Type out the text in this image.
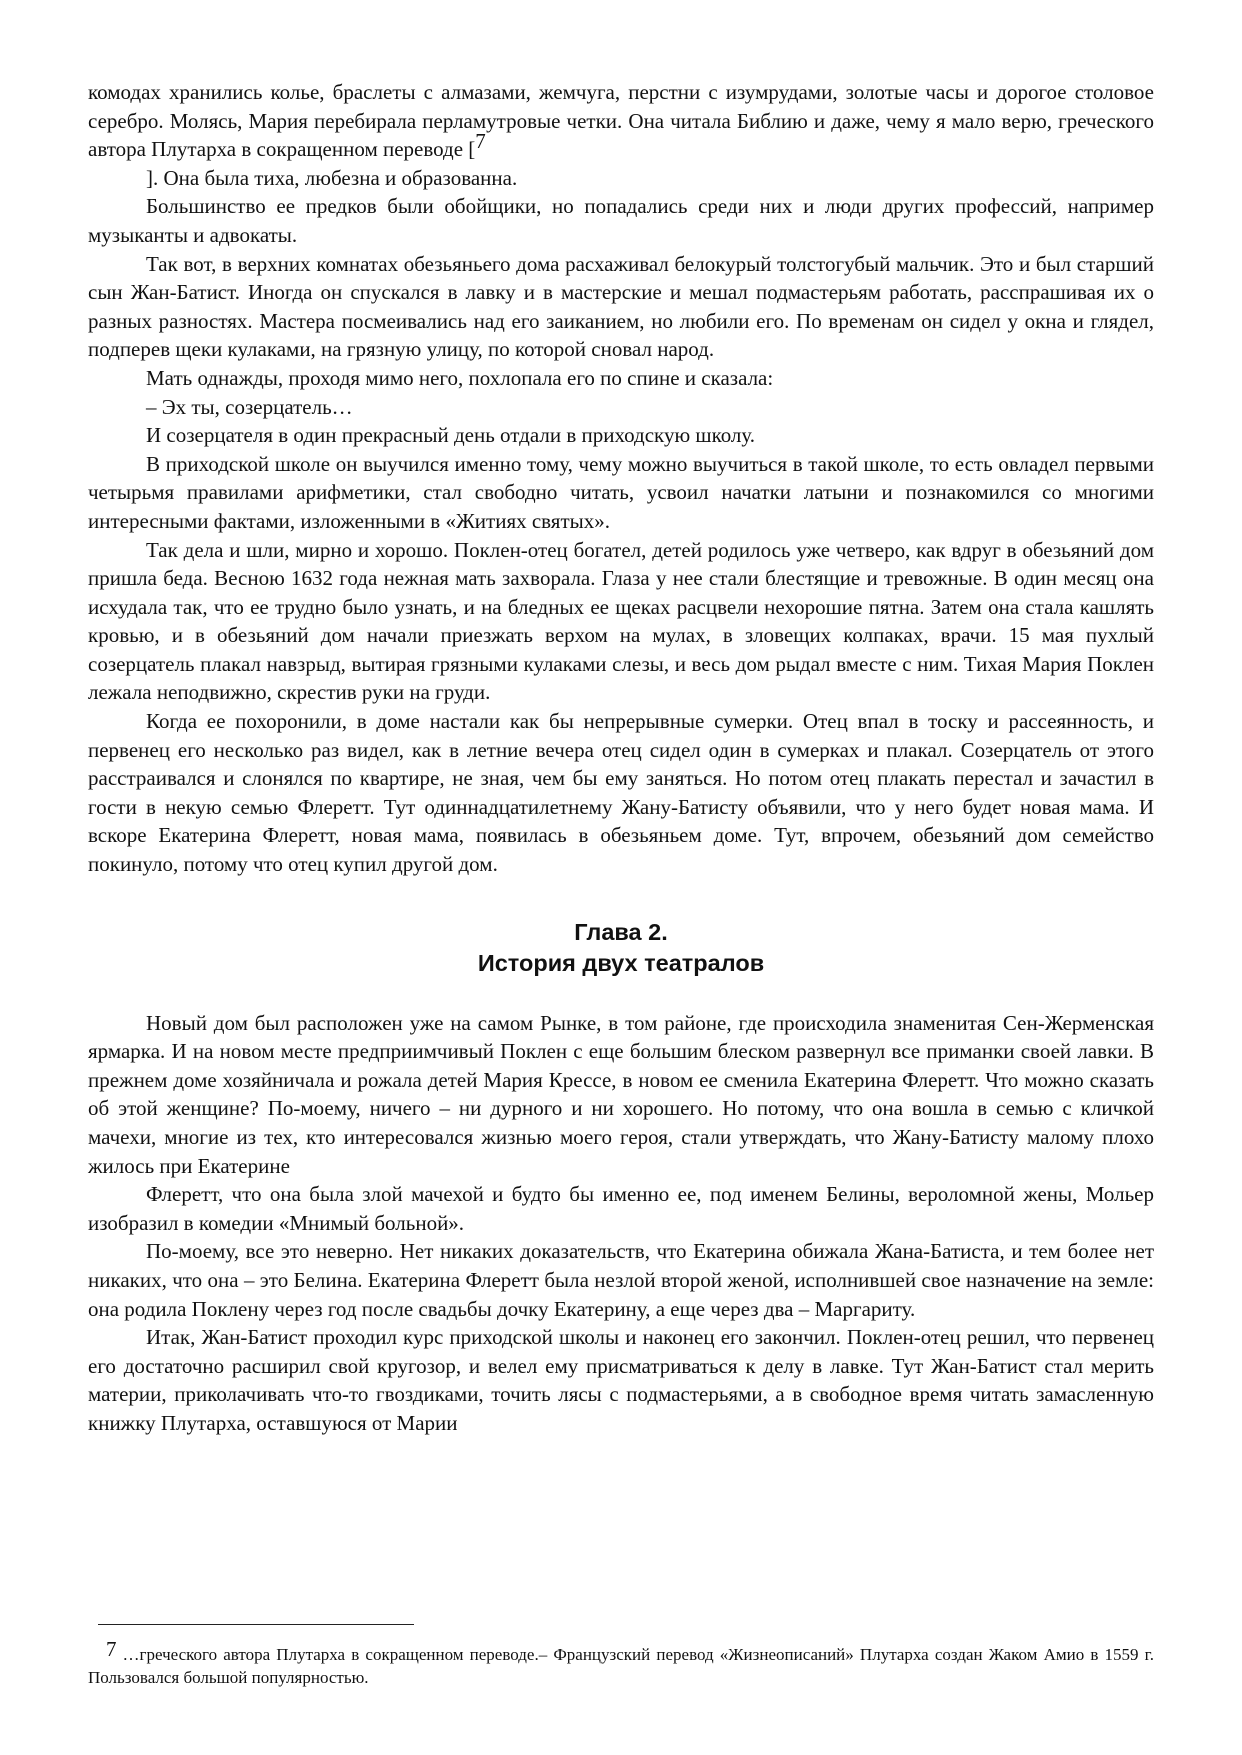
комодах хранились колье, браслеты с алмазами, жемчуга, перстни с изумрудами, золотые часы и дорогое столовое серебро. Молясь, Мария перебирала перламутровые четки. Она читала Библию и даже, чему я мало верю, греческого автора Плутарха в сокращенном переводе [$^7$

]. Она была тиха, любезна и образованна.

Большинство ее предков были обойщики, но попадались среди них и люди других профессий, например музыканты и адвокаты.

Так вот, в верхних комнатах обезьяньего дома расхаживал белокурый толстогубый мальчик. Это и был старший сын Жан-Батист. Иногда он спускался в лавку и в мастерские и мешал подмастерьям работать, расспрашивая их о разных разностях. Мастера посмеивались над его заиканием, но любили его. По временам он сидел у окна и глядел, подперев щеки кулаками, на грязную улицу, по которой сновал народ.

Мать однажды, проходя мимо него, похлопала его по спине и сказала:

– Эх ты, созерцатель…

И созерцателя в один прекрасный день отдали в приходскую школу.

В приходской школе он выучился именно тому, чему можно выучиться в такой школе, то есть овладел первыми четырьмя правилами арифметики, стал свободно читать, усвоил начатки латыни и познакомился со многими интересными фактами, изложенными в «Житиях святых».

Так дела и шли, мирно и хорошо. Поклен-отец богател, детей родилось уже четверо, как вдруг в обезьяний дом пришла беда. Весною 1632 года нежная мать захворала. Глаза у нее стали блестящие и тревожные. В один месяц она исхудала так, что ее трудно было узнать, и на бледных ее щеках расцвели нехорошие пятна. Затем она стала кашлять кровью, и в обезьяний дом начали приезжать верхом на мулах, в зловещих колпаках, врачи. 15 мая пухлый созерцатель плакал навзрыд, вытирая грязными кулаками слезы, и весь дом рыдал вместе с ним. Тихая Мария Поклен лежала неподвижно, скрестив руки на груди.

Когда ее похоронили, в доме настали как бы непрерывные сумерки. Отец впал в тоску и рассеянность, и первенец его несколько раз видел, как в летние вечера отец сидел один в сумерках и плакал. Созерцатель от этого расстраивался и слонялся по квартире, не зная, чем бы ему заняться. Но потом отец плакать перестал и зачастил в гости в некую семью Флеретт. Тут одиннадцатилетнему Жану-Батисту объявили, что у него будет новая мама. И вскоре Екатерина Флеретт, новая мама, появилась в обезьяньем доме. Тут, впрочем, обезьяний дом семейство покинуло, потому что отец купил другой дом.

Глава 2.
История двух театралов

Новый дом был расположен уже на самом Рынке, в том районе, где происходила знаменитая Сен-Жерменская ярмарка. И на новом месте предприимчивый Поклен с еще большим блеском развернул все приманки своей лавки. В прежнем доме хозяйничала и рожала детей Мария Крессе, в новом ее сменила Екатерина Флеретт. Что можно сказать об этой женщине? По-моему, ничего – ни дурного и ни хорошего. Но потому, что она вошла в семью с кличкой мачехи, многие из тех, кто интересовался жизнью моего героя, стали утверждать, что Жану-Батисту малому плохо жилось при Екатерине

Флеретт, что она была злой мачехой и будто бы именно ее, под именем Белины, вероломной жены, Мольер изобразил в комедии «Мнимый больной».

По-моему, все это неверно. Нет никаких доказательств, что Екатерина обижала Жана-Батиста, и тем более нет никаких, что она – это Белина. Екатерина Флеретт была незлой второй женой, исполнившей свое назначение на земле: она родила Поклену через год после свадьбы дочку Екатерину, а еще через два – Маргариту.

Итак, Жан-Батист проходил курс приходской школы и наконец его закончил. Поклен-отец решил, что первенец его достаточно расширил свой кругозор, и велел ему присматриваться к делу в лавке. Тут Жан-Батист стал мерить материи, приколачивать что-то гвоздиками, точить лясы с подмастерьями, а в свободное время читать замасленную книжку Плутарха, оставшуюся от Марии

7 …греческого автора Плутарха в сокращенном переводе.– Французский перевод «Жизнеописаний» Плутарха создан Жаком Амио в 1559 г. Пользовался большой популярностью.
